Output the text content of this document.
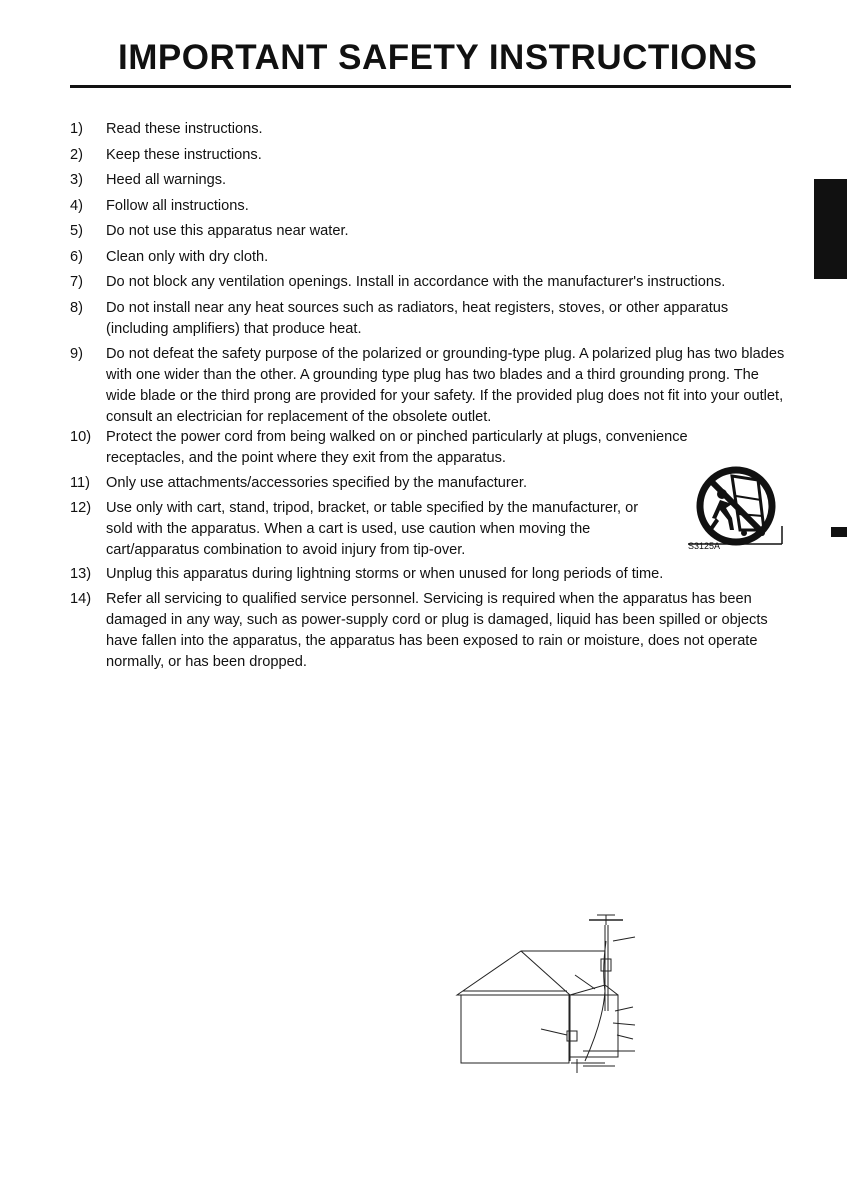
IMPORTANT SAFETY INSTRUCTIONS
1) Read these instructions.
2) Keep these instructions.
3) Heed all warnings.
4) Follow all instructions.
5) Do not use this apparatus near water.
6) Clean only with dry cloth.
7) Do not block any ventilation openings. Install in accordance with the manufacturer's instructions.
8) Do not install near any heat sources such as radiators, heat registers, stoves, or other apparatus (including amplifiers) that produce heat.
9) Do not defeat the safety purpose of the polarized or grounding-type plug. A polarized plug has two blades with one wider than the other. A grounding type plug has two blades and a third grounding prong. The wide blade or the third prong are provided for your safety. If the provided plug does not fit into your outlet, consult an electrician for replacement of the obsolete outlet.
10) Protect the power cord from being walked on or pinched particularly at plugs, convenience receptacles, and the point where they exit from the apparatus.
11) Only use attachments/accessories specified by the manufacturer.
12) Use only with cart, stand, tripod, bracket, or table specified by the manufacturer, or sold with the apparatus. When a cart is used, use caution when moving the cart/apparatus combination to avoid injury from tip-over.
13) Unplug this apparatus during lightning storms or when unused for long periods of time.
14) Refer all servicing to qualified service personnel. Servicing is required when the apparatus has been damaged in any way, such as power-supply cord or plug is damaged, liquid has been spilled or objects have fallen into the apparatus, the apparatus has been exposed to rain or moisture, does not operate normally, or has been dropped.
S3125A
